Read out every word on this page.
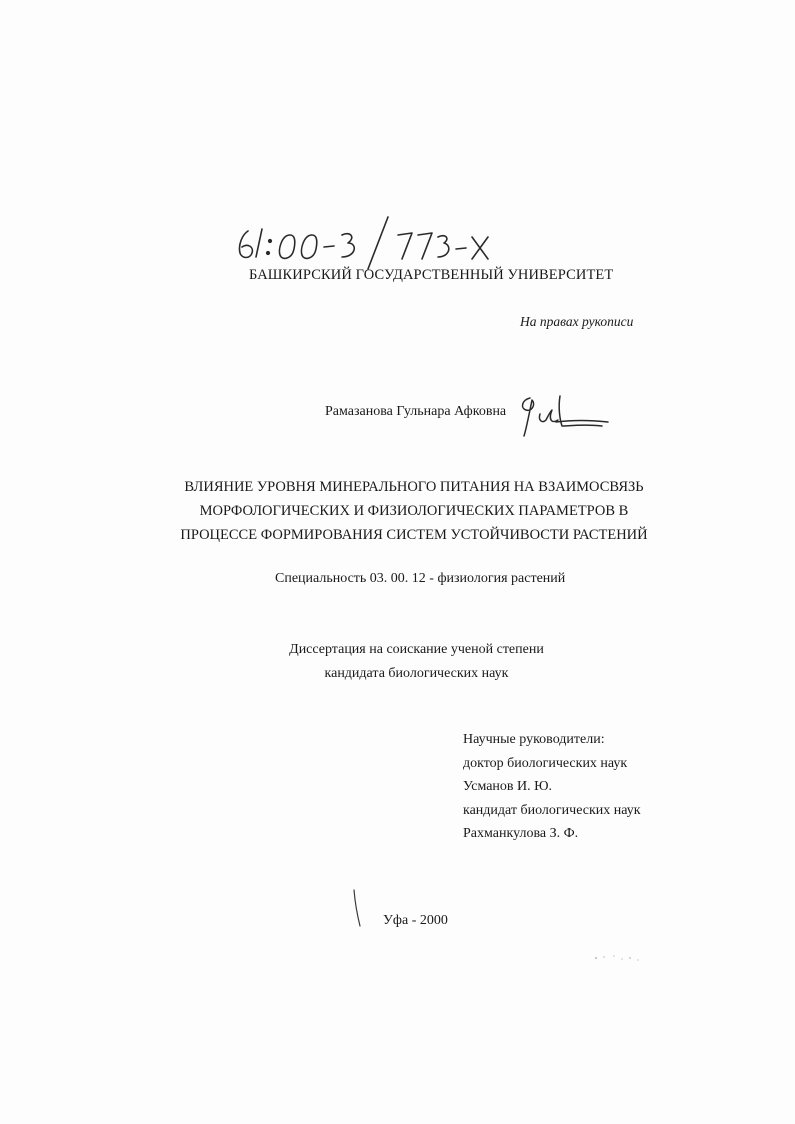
БАШКИРСКИЙ ГОСУДАРСТВЕННЫЙ УНИВЕРСИТЕТ
На правах рукописи
Рамазанова Гульнара Афковна
ВЛИЯНИЕ УРОВНЯ МИНЕРАЛЬНОГО ПИТАНИЯ НА ВЗАИМОСВЯЗЬ
МОРФОЛОГИЧЕСКИХ И ФИЗИОЛОГИЧЕСКИХ ПАРАМЕТРОВ В
ПРОЦЕССЕ ФОРМИРОВАНИЯ СИСТЕМ УСТОЙЧИВОСТИ РАСТЕНИЙ
Специальность 03. 00. 12 - физиология растений
Диссертация на соискание ученой степени
кандидата биологических наук
Научные руководители:
доктор биологических наук
Усманов И. Ю.
кандидат биологических наук
Рахманкулова З. Ф.
Уфа - 2000
